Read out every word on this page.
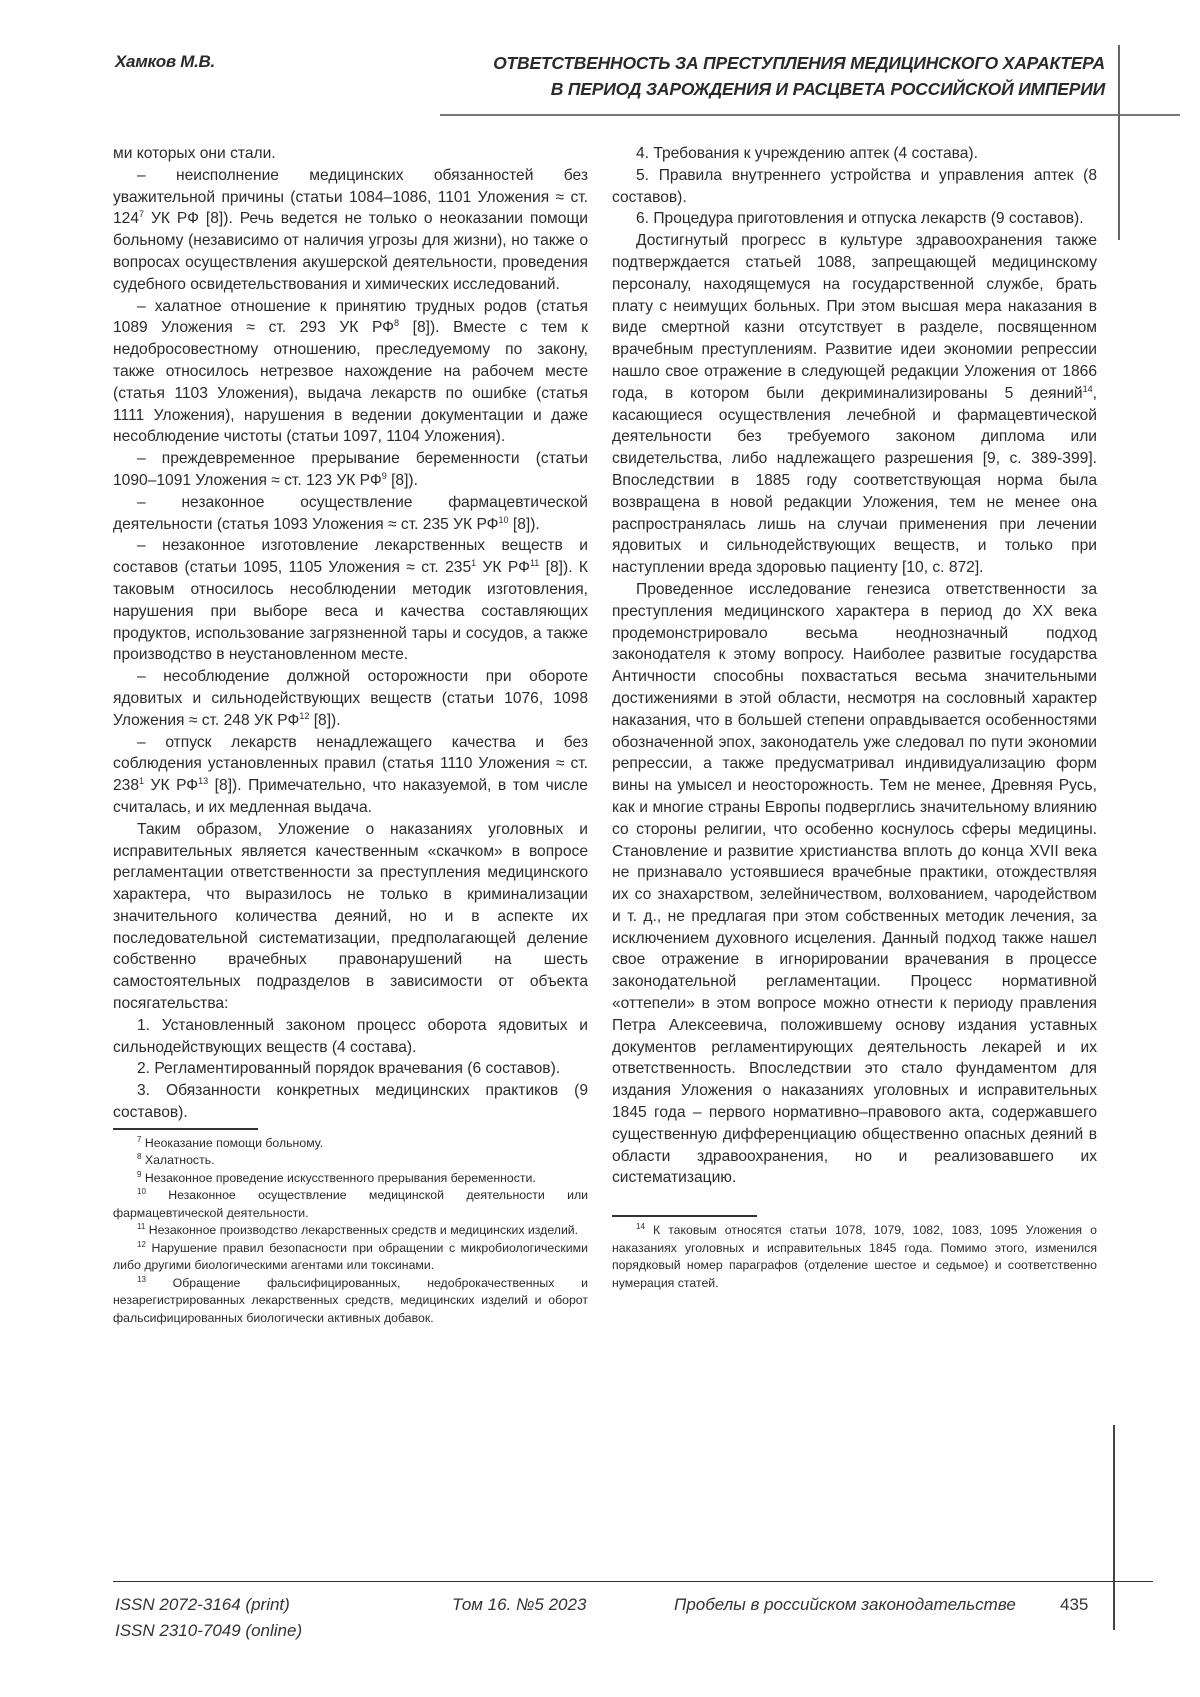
Хамков М.В.	ОТВЕТСТВЕННОСТЬ ЗА ПРЕСТУПЛЕНИЯ МЕДИЦИНСКОГО ХАРАКТЕРА
В ПЕРИОД ЗАРОЖДЕНИЯ И РАСЦВЕТА РОССИЙСКОЙ ИМПЕРИИ

ми которых они стали.

– неисполнение медицинских обязанностей без уважительной причины (статьи 1084–1086, 1101 Уложения ≈ ст. $124^7$ УК РФ [8]). Речь ведется не только о неоказании помощи больному (независимо от наличия угрозы для жизни), но также о вопросах осуществления акушерской деятельности, проведения судебного освидетельствования и химических исследований.

– халатное отношение к принятию трудных родов (статья 1089 Уложения ≈ ст. 293 УК $РФ^8$ [8]). Вместе с тем к недобросовестному отношению, преследуемому по закону, также относилось нетрезвое нахождение на рабочем месте (статья 1103 Уложения), выдача лекарств по ошибке (статья 1111 Уложения), нарушения в ведении документации и даже несоблюдение чистоты (статьи 1097, 1104 Уложения).

– преждевременное прерывание беременности (статьи 1090–1091 Уложения ≈ ст. 123 УК $РФ^9$ [8]).

– незаконное осуществление фармацевтической деятельности (статья 1093 Уложения ≈ ст. 235 УК РФ$^{10}$ [8]).

– незаконное изготовление лекарственных веществ и составов (статьи 1095, 1105 Уложения ≈ ст. $235^1$ УК РФ$^{11}$ [8]). К таковым относилось несоблюдении методик изготовления, нарушения при выборе веса и качества составляющих продуктов, использование загрязненной тары и сосудов, а также производство в неустановленном месте.

– несоблюдение должной осторожности при обороте ядовитых и сильнодействующих веществ (статьи 1076, 1098 Уложения ≈ ст. 248 УК РФ$^{12}$ [8]).

– отпуск лекарств ненадлежащего качества и без соблюдения установленных правил (статья 1110 Уложения ≈ ст. $238^1$ УК РФ$^{13}$ [8]). Примечательно, что наказуемой, в том числе считалась, и их медленная выдача.

Таким образом, Уложение о наказаниях уголовных и исправительных является качественным «скачком» в вопросе регламентации ответственности за преступления медицинского характера, что выразилось не только в криминализации значительного количества деяний, но и в аспекте их последовательной систематизации, предполагающей деление собственно врачебных правонарушений на шесть самостоятельных подразделов в зависимости от объекта посягательства:

1. Установленный законом процесс оборота ядовитых и сильнодействующих веществ (4 состава).

2. Регламентированный порядок врачевания (6 составов).

3. Обязанности конкретных медицинских практиков (9 составов).

$^7$ Неоказание помощи больному.

$^8$ Халатность.

$^9$ Незаконное проведение искусственного прерывания беременности.

$^{10}$ Незаконное осуществление медицинской деятельности или фармацевтической деятельности.

$^{11}$ Незаконное производство лекарственных средств и медицинских изделий.

$^{12}$ Нарушение правил безопасности при обращении с микробиологическими либо другими биологическими агентами или токсинами.

$^{13}$ Обращение фальсифицированных, недоброкачественных и незарегистрированных лекарственных средств, медицинских изделий и оборот фальсифицированных биологически активных добавок.

4. Требования к учреждению аптек (4 состава).

5. Правила внутреннего устройства и управления аптек (8 составов).

6. Процедура приготовления и отпуска лекарств (9 составов).

Достигнутый прогресс в культуре здравоохранения также подтверждается статьей 1088, запрещающей медицинскому персоналу, находящемуся на государственной службе, брать плату с неимущих больных. При этом высшая мера наказания в виде смертной казни отсутствует в разделе, посвященном врачебным преступлениям. Развитие идеи экономии репрессии нашло свое отражение в следующей редакции Уложения от 1866 года, в котором были декриминализированы 5 деяний$^{14}$, касающиеся осуществления лечебной и фармацевтической деятельности без требуемого законом диплома или свидетельства, либо надлежащего разрешения [9, с. 389-399]. Впоследствии в 1885 году соответствующая норма была возвращена в новой редакции Уложения, тем не менее она распространялась лишь на случаи применения при лечении ядовитых и сильнодействующих веществ, и только при наступлении вреда здоровью пациенту [10, с. 872].

Проведенное исследование генезиса ответственности за преступления медицинского характера в период до XX века продемонстрировало весьма неоднозначный подход законодателя к этому вопросу. Наиболее развитые государства Античности способны похвастаться весьма значительными достижениями в этой области, несмотря на сословный характер наказания, что в большей степени оправдывается особенностями обозначенной эпох, законодатель уже следовал по пути экономии репрессии, а также предусматривал индивидуализацию форм вины на умысел и неосторожность. Тем не менее, Древняя Русь, как и многие страны Европы подверглись значительному влиянию со стороны религии, что особенно коснулось сферы медицины. Становление и развитие христианства вплоть до конца XVII века не признавало устоявшиеся врачебные практики, отождествляя их со знахарством, зелейничеством, волхованием, чародейством и т. д., не предлагая при этом собственных методик лечения, за исключением духовного исцеления. Данный подход также нашел свое отражение в игнорировании врачевания в процессе законодательной регламентации. Процесс нормативной «оттепели» в этом вопросе можно отнести к периоду правления Петра Алексеевича, положившему основу издания уставных документов регламентирующих деятельность лекарей и их ответственность. Впоследствии это стало фундаментом для издания Уложения о наказаниях уголовных и исправительных 1845 года – первого нормативно–правового акта, содержавшего существенную дифференциацию общественно опасных деяний в области здравоохранения, но и реализовавшего их систематизацию.

$^{14}$ К таковым относятся статьи 1078, 1079, 1082, 1083, 1095 Уложения о наказаниях уголовных и исправительных 1845 года. Помимо этого, изменился порядковый номер параграфов (отделение шестое и седьмое) и соответственно нумерация статей.

ISSN 2072-3164 (print)
ISSN 2310-7049 (online)
Том 16. №5 2023	Пробелы в российском законодательстве	435
